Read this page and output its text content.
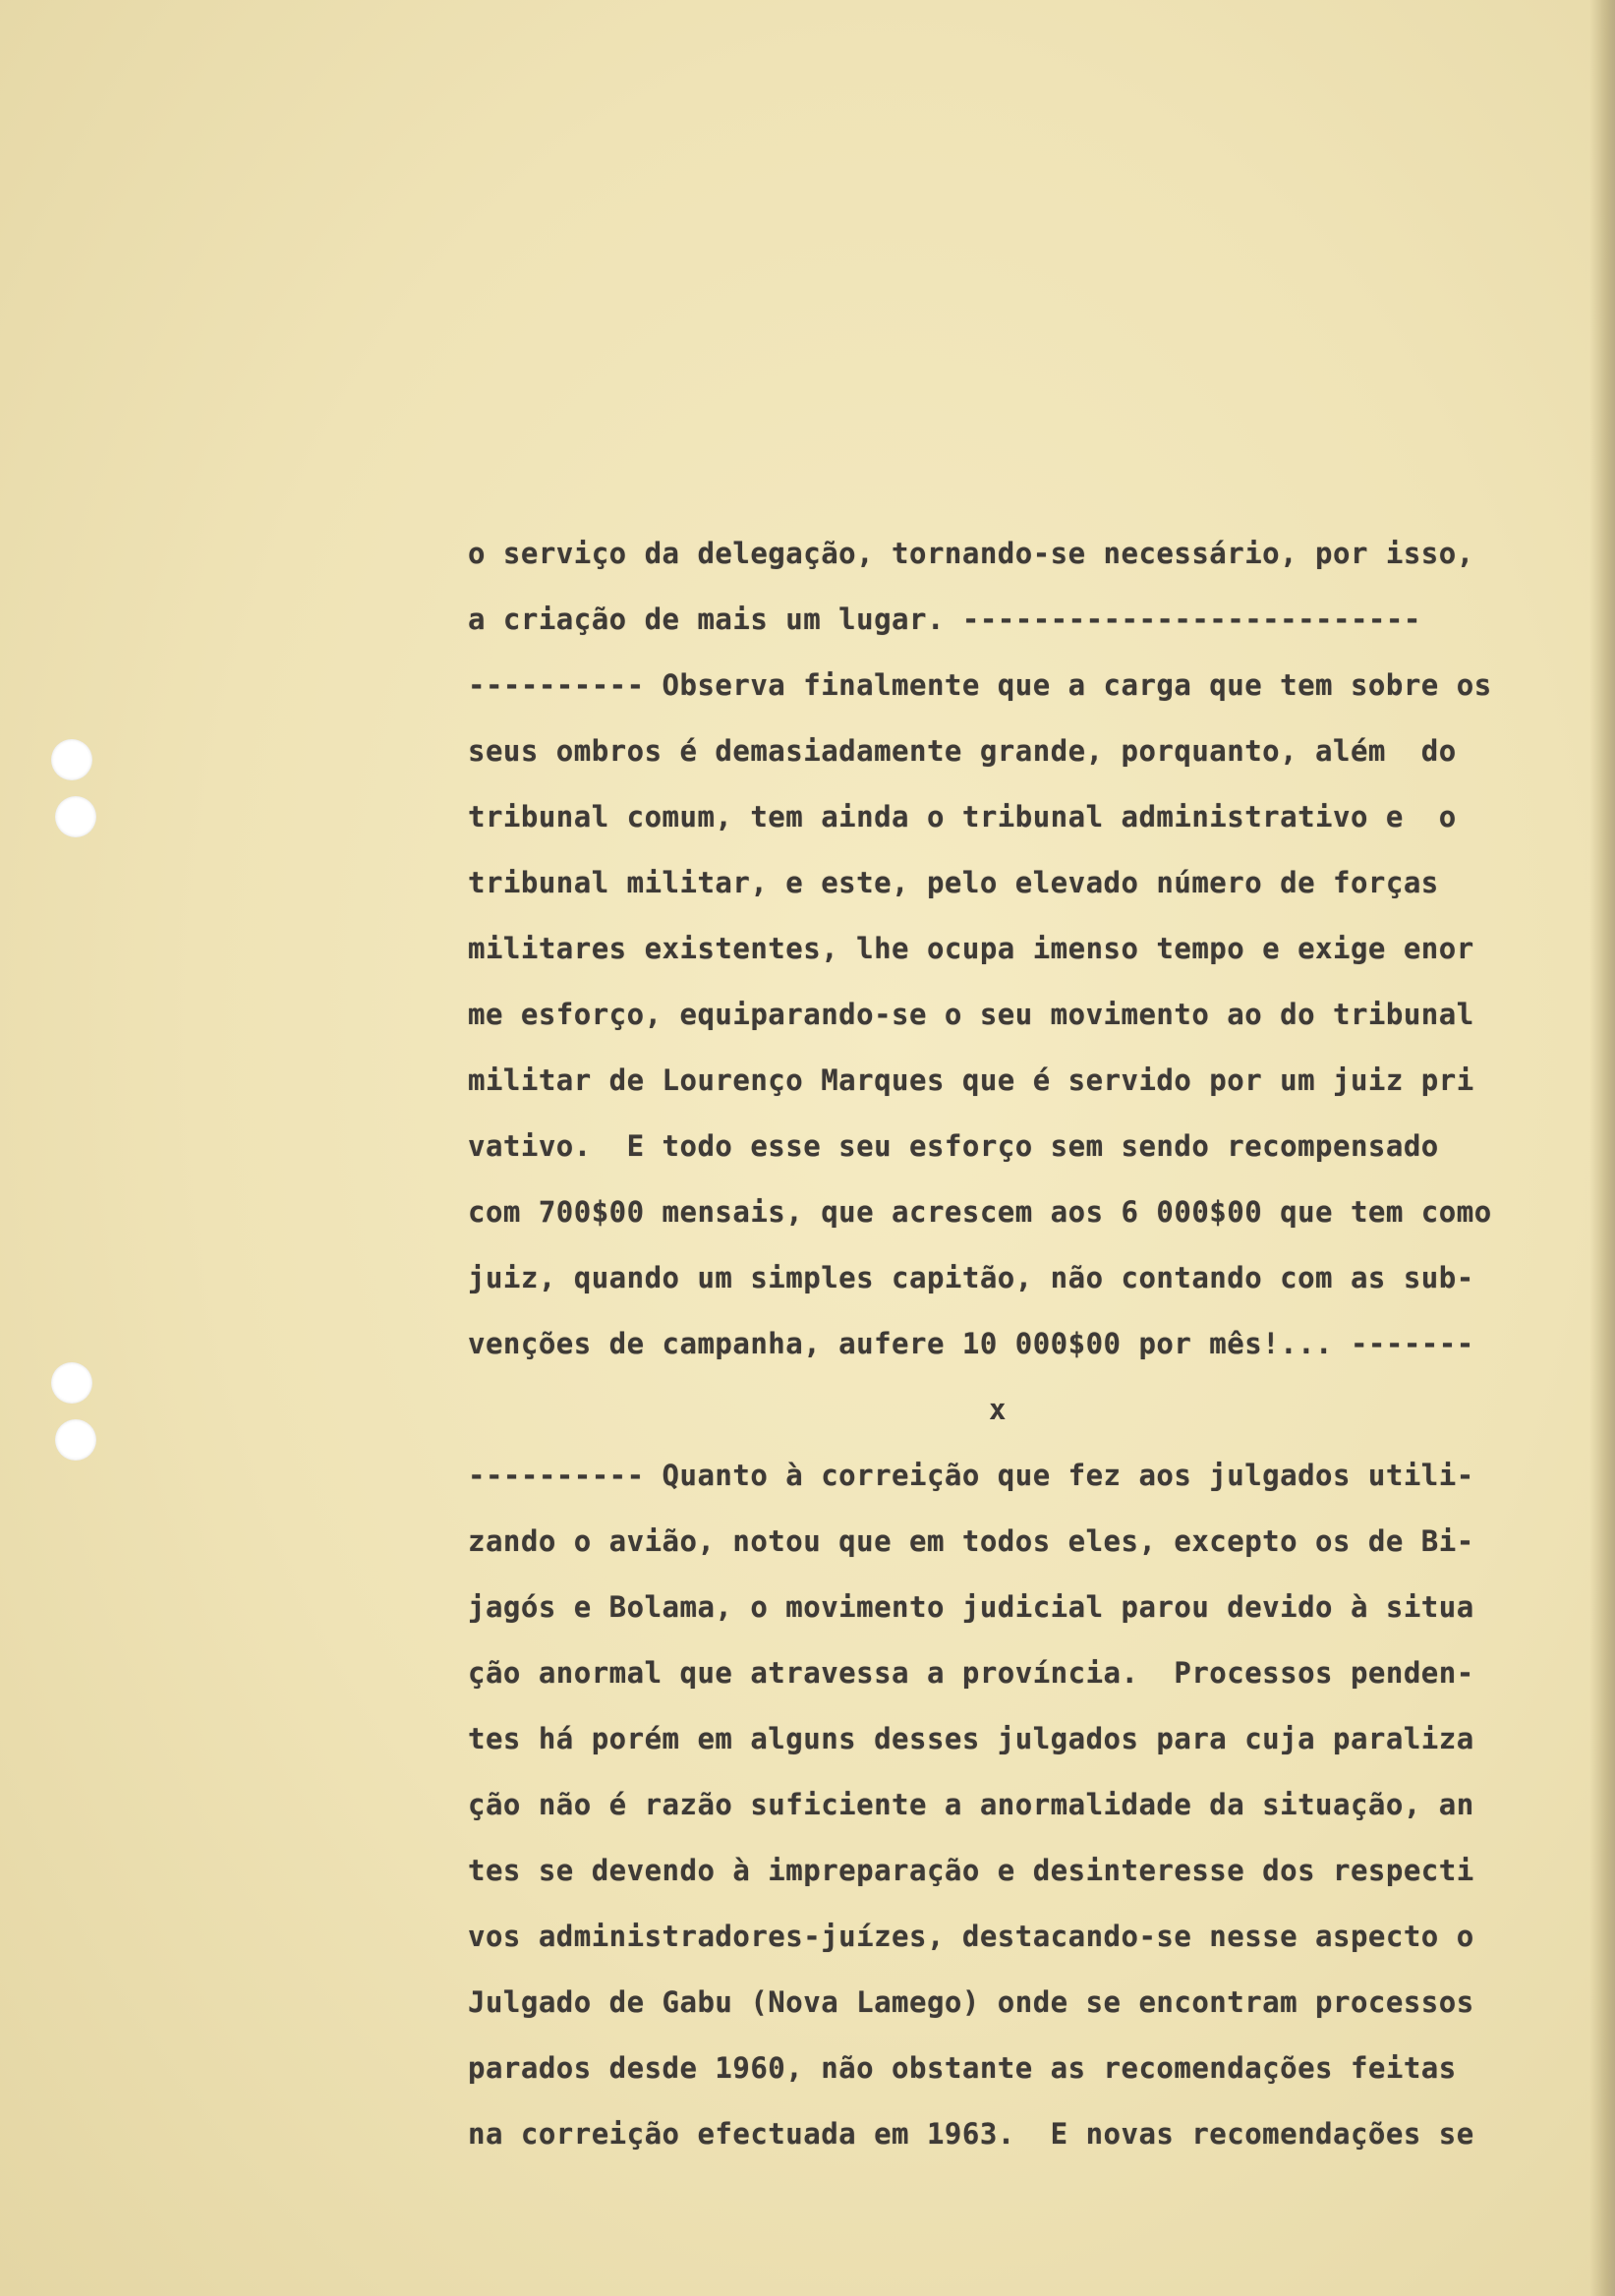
o serviço da delegação, tornando-se necessário, por isso,
a criação de mais um lugar. --------------------------
---------- Observa finalmente que a carga que tem sobre os
seus ombros é demasiadamente grande, porquanto, além  do
tribunal comum, tem ainda o tribunal administrativo e  o
tribunal militar, e este, pelo elevado número de forças
militares existentes, lhe ocupa imenso tempo e exige enor
me esforço, equiparando-se o seu movimento ao do tribunal
militar de Lourenço Marques que é servido por um juiz pri
vativo.  E todo esse seu esforço sem sendo recompensado
com 700$00 mensais, que acrescem aos 6 000$00 que tem como
juiz, quando um simples capitão, não contando com as sub-
venções de campanha, aufere 10 000$00 por mês!... -------
x
---------- Quanto à correição que fez aos julgados utili-
zando o avião, notou que em todos eles, excepto os de Bi-
jagós e Bolama, o movimento judicial parou devido à situa
ção anormal que atravessa a província.  Processos penden-
tes há porém em alguns desses julgados para cuja paraliza
ção não é razão suficiente a anormalidade da situação, an
tes se devendo à impreparação e desinteresse dos respecti
vos administradores-juízes, destacando-se nesse aspecto o
Julgado de Gabu (Nova Lamego) onde se encontram processos
parados desde 1960, não obstante as recomendações feitas
na correição efectuada em 1963.  E novas recomendações se
